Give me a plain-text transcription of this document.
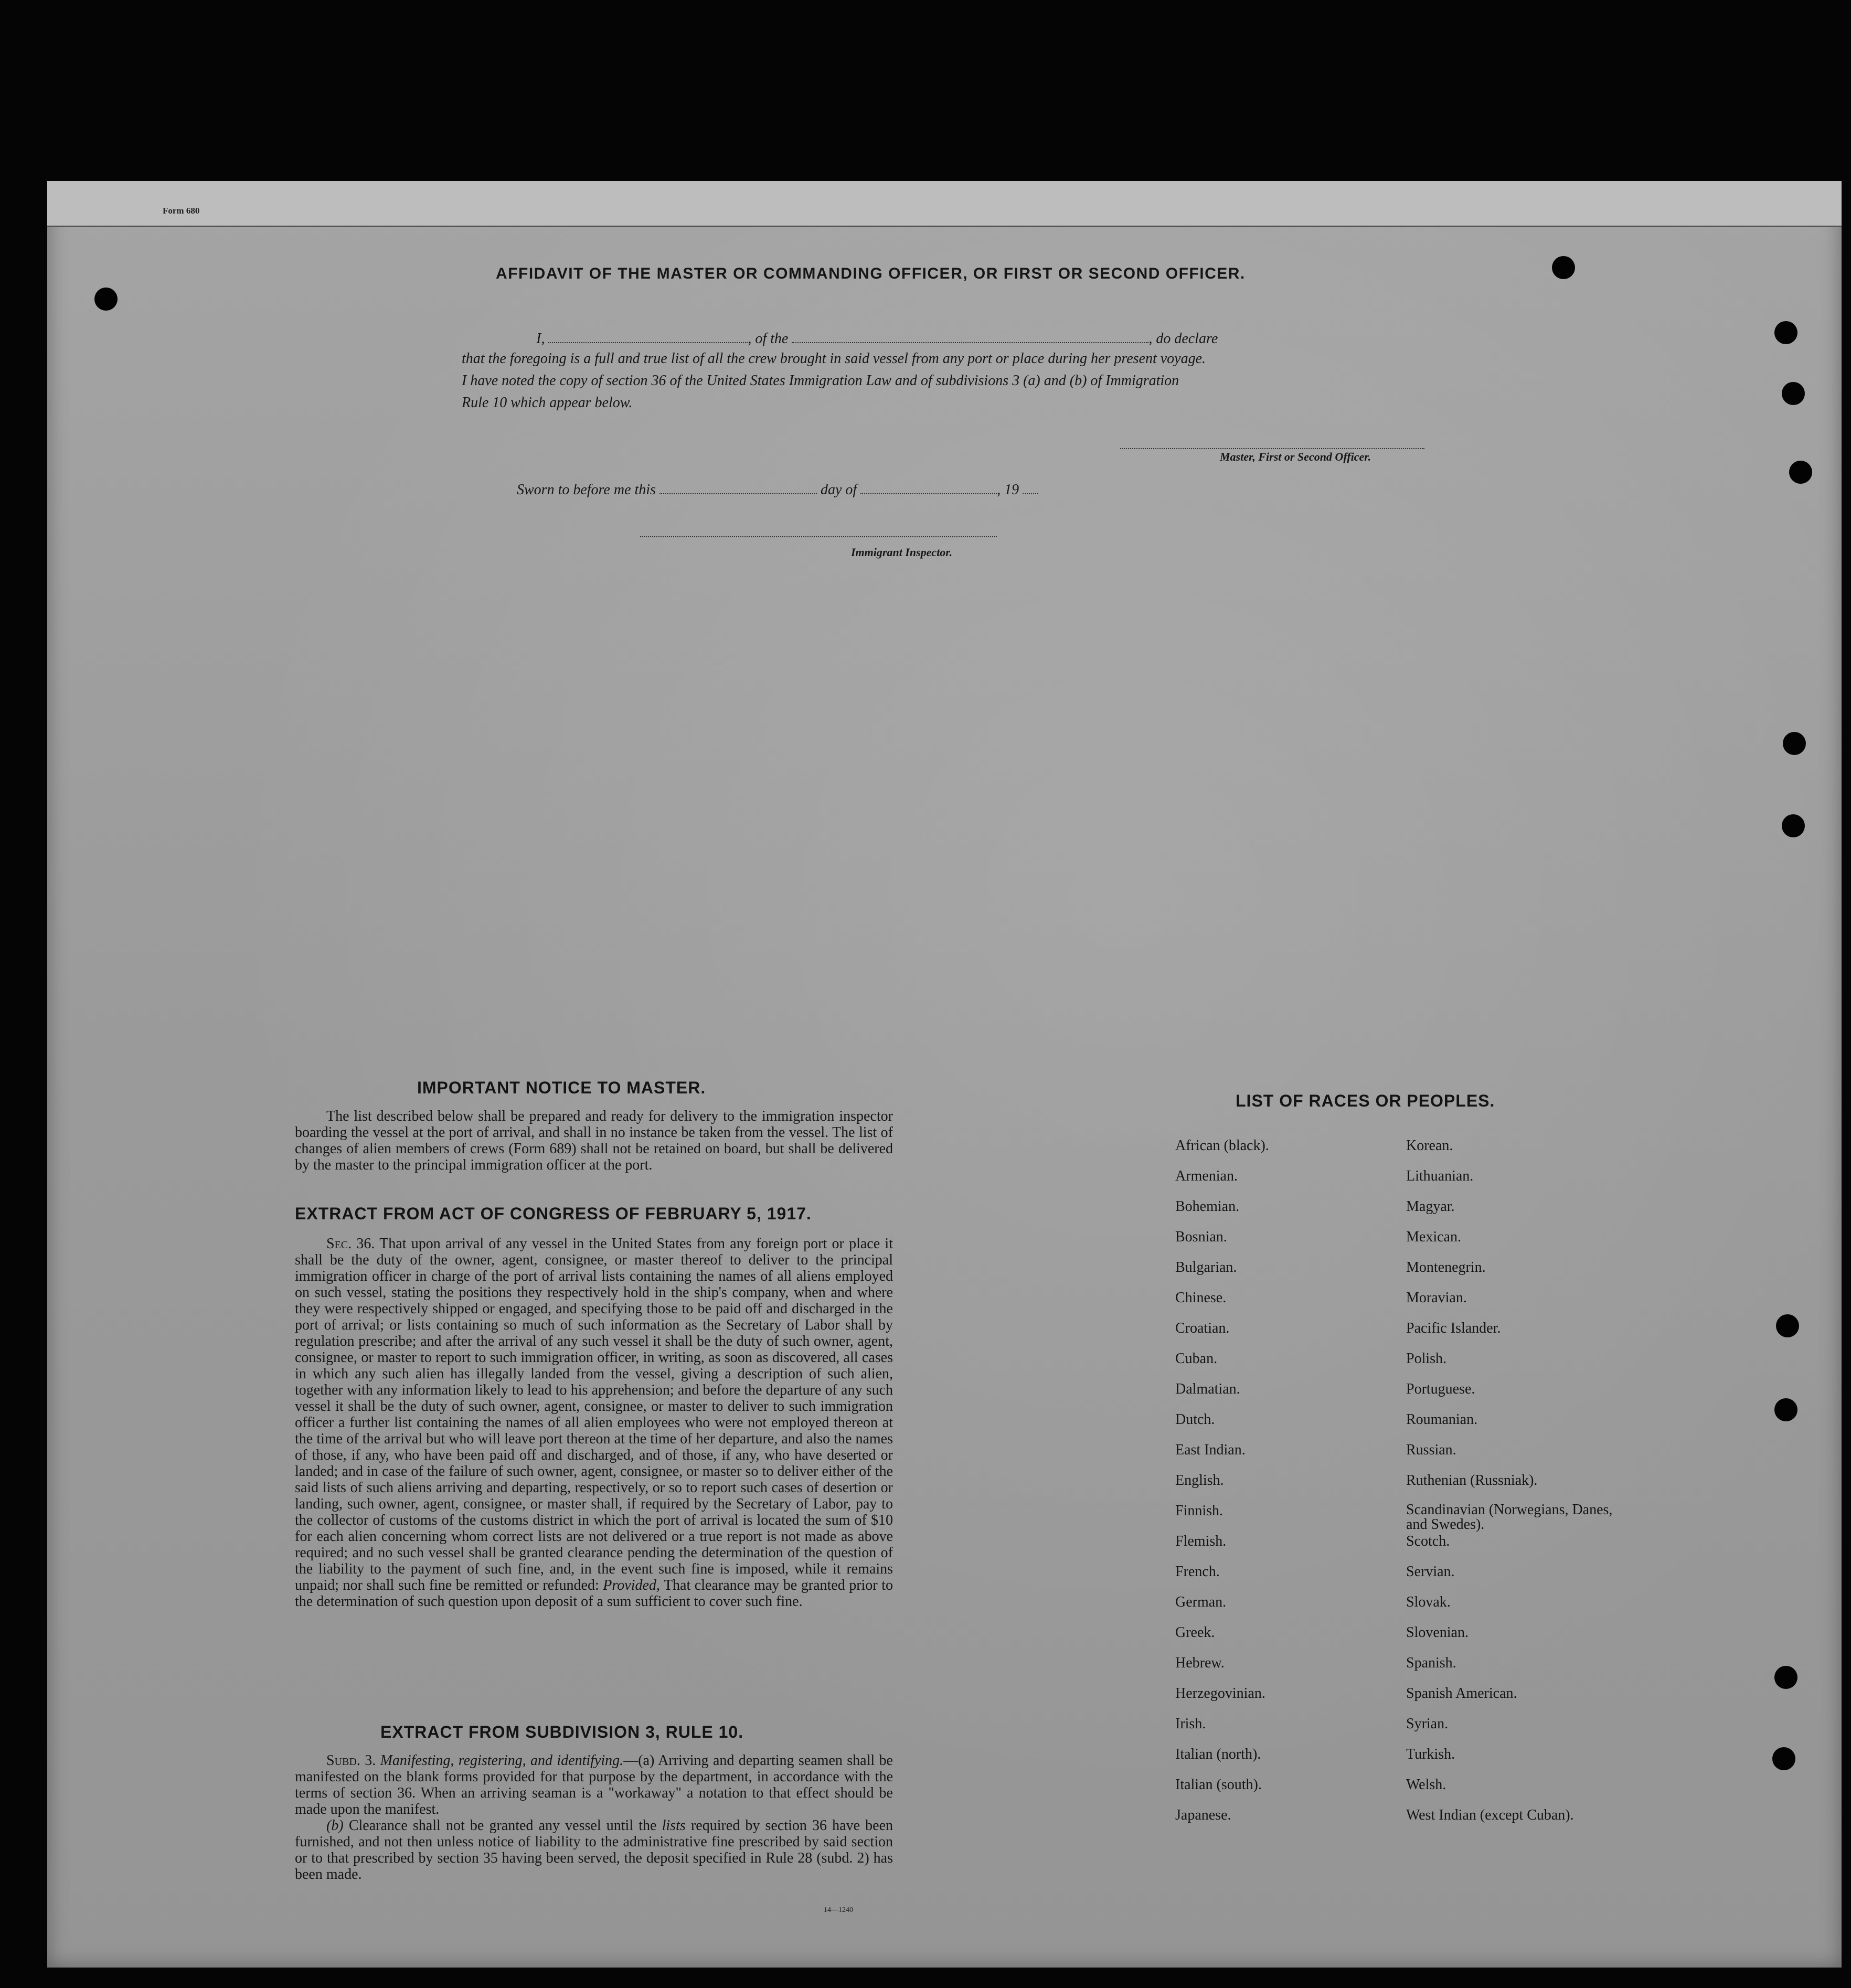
Form 680
AFFIDAVIT OF THE MASTER OR COMMANDING OFFICER, OR FIRST OR SECOND OFFICER.
I,	, of the	, do declare
that the foregoing is a full and true list of all the crew brought in said vessel from any port or place during her present voyage.
I have noted the copy of section 36 of the United States Immigration Law and of subdivisions 3 (a) and (b) of Immigration
Rule 10 which appear below.
Master, First or Second Officer.
Sworn to before me this	day of	, 19
Immigrant Inspector.
IMPORTANT NOTICE TO MASTER.

The list described below shall be prepared and ready for delivery to the immigration inspector boarding the vessel at the port of arrival, and shall in no instance be taken from the vessel. The list of changes of alien members of crews (Form 689) shall not be retained on board, but shall be delivered by the master to the principal immigration officer at the port.

EXTRACT FROM ACT OF CONGRESS OF FEBRUARY 5, 1917.

Sec. 36. That upon arrival of any vessel in the United States from any foreign port or place it shall be the duty of the owner, agent, consignee, or master thereof to deliver to the principal immigration officer in charge of the port of arrival lists containing the names of all aliens employed on such vessel, stating the positions they respectively hold in the ship's company, when and where they were respectively shipped or engaged, and specifying those to be paid off and discharged in the port of arrival; or lists containing so much of such information as the Secretary of Labor shall by regulation prescribe; and after the arrival of any such vessel it shall be the duty of such owner, agent, consignee, or master to report to such immigration officer, in writing, as soon as discovered, all cases in which any such alien has illegally landed from the vessel, giving a description of such alien, together with any information likely to lead to his apprehension; and before the departure of any such vessel it shall be the duty of such owner, agent, consignee, or master to deliver to such immigration officer a further list containing the names of all alien employees who were not employed thereon at the time of the arrival but who will leave port thereon at the time of her departure, and also the names of those, if any, who have been paid off and discharged, and of those, if any, who have deserted or landed; and in case of the failure of such owner, agent, consignee, or master so to deliver either of the said lists of such aliens arriving and departing, respectively, or so to report such cases of desertion or landing, such owner, agent, consignee, or master shall, if required by the Secretary of Labor, pay to the collector of customs of the customs district in which the port of arrival is located the sum of $10 for each alien concerning whom correct lists are not delivered or a true report is not made as above required; and no such vessel shall be granted clearance pending the determination of the question of the liability to the payment of such fine, and, in the event such fine is imposed, while it remains unpaid; nor shall such fine be remitted or refunded: Provided, That clearance may be granted prior to the determination of such question upon deposit of a sum sufficient to cover such fine.

EXTRACT FROM SUBDIVISION 3, RULE 10.

Subd. 3. Manifesting, registering, and identifying.—(a) Arriving and departing seamen shall be manifested on the blank forms provided for that purpose by the department, in accordance with the terms of section 36. When an arriving seaman is a "workaway" a notation to that effect should be made upon the manifest.

(b) Clearance shall not be granted any vessel until the lists required by section 36 have been furnished, and not then unless notice of liability to the administrative fine prescribed by said section or to that prescribed by section 35 having been served, the deposit specified in Rule 28 (subd. 2) has been made.

14—1240
LIST OF RACES OR PEOPLES.
African (black).
Armenian.
Bohemian.
Bosnian.
Bulgarian.
Chinese.
Croatian.
Cuban.
Dalmatian.
Dutch.
East Indian.
English.
Finnish.
Flemish.
French.
German.
Greek.
Hebrew.
Herzegovinian.
Irish.
Italian (north).
Italian (south).
Japanese.
Korean.
Lithuanian.
Magyar.
Mexican.
Montenegrin.
Moravian.
Pacific Islander.
Polish.
Portuguese.
Roumanian.
Russian.
Ruthenian (Russniak).
Scandinavian (Norwegians, Danes, and Swedes).
Scotch.
Servian.
Slovak.
Slovenian.
Spanish.
Spanish American.
Syrian.
Turkish.
Welsh.
West Indian (except Cuban).
